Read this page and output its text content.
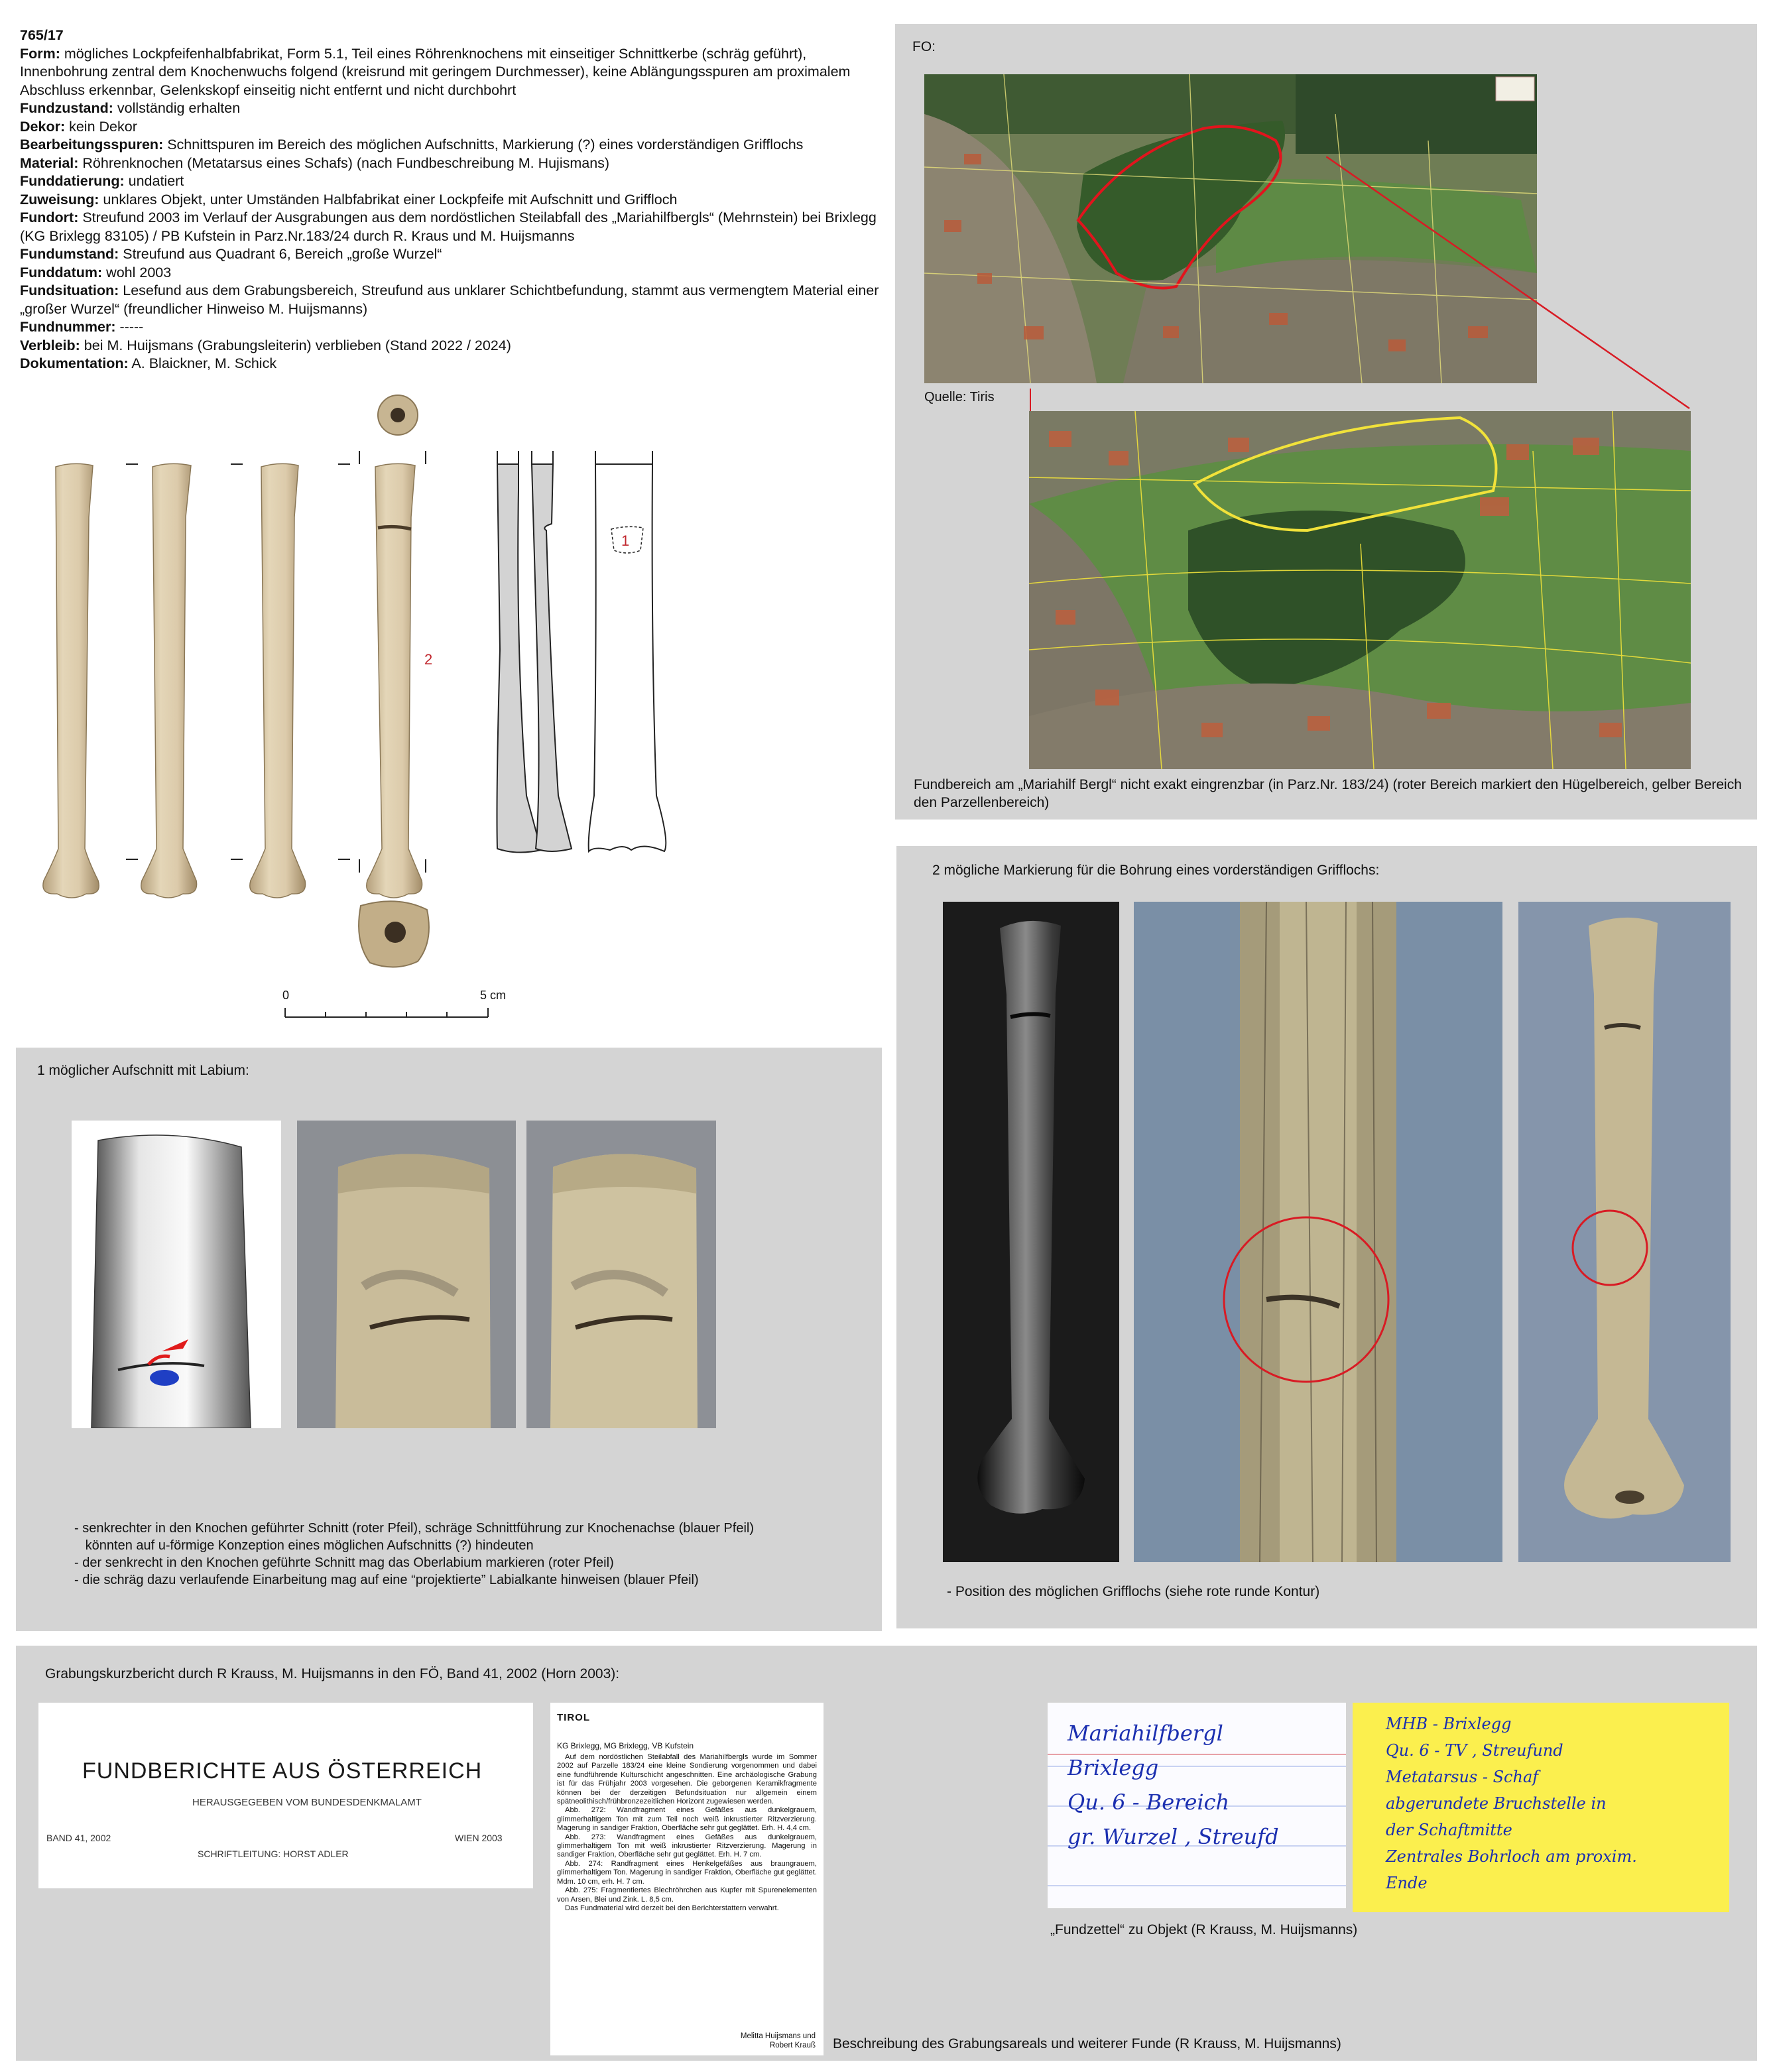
765/17
Form: mögliches Lockpfeifenhalbfabrikat, Form 5.1, Teil eines Röhrenknochens mit einseitiger Schnittkerbe (schräg geführt), Innenbohrung zentral dem Knochenwuchs folgend (kreisrund mit geringem Durchmesser), keine Ablängungsspuren am proximalem Abschluss erkennbar, Gelenkskopf einseitig nicht entfernt und nicht durchbohrt
Fundzustand: vollständig erhalten
Dekor: kein Dekor
Bearbeitungsspuren: Schnittspuren im Bereich des möglichen Aufschnitts, Markierung (?) eines vorderständigen Grifflochs
Material: Röhrenknochen (Metatarsus eines Schafs) (nach Fundbeschreibung M. Hujismans)
Funddatierung: undatiert
Zuweisung: unklares Objekt, unter Umständen Halbfabrikat einer Lockpfeife mit Aufschnitt und Griffloch
Fundort: Streufund 2003 im Verlauf der Ausgrabungen aus dem nordöstlichen Steilabfall des „Mariahilfbergls“ (Mehrnstein) bei Brixlegg (KG Brixlegg 83105) / PB Kufstein in Parz.Nr.183/24 durch R. Kraus und M. Huijsmanns
Fundumstand: Streufund aus Quadrant 6, Bereich „große Wurzel“
Funddatum: wohl 2003
Fundsituation: Lesefund aus dem Grabungsbereich, Streufund aus unklarer Schichtbefundung, stammt aus vermengtem Material einer „großer Wurzel“ (freundlicher Hinweiso M. Huijsmanns)
Fundnummer: -----
Verbleib: bei M. Huijsmans (Grabungsleiterin) verblieben (Stand 2022 / 2024)
Dokumentation: A. Blaickner, M. Schick
2
1
0	5 cm
FO:
Quelle: Tiris
Fundbereich am „Mariahilf Bergl“ nicht exakt eingrenzbar (in Parz.Nr. 183/24) (roter Bereich markiert den Hügelbereich, gelber Bereich den Parzellenbereich)
1 möglicher Aufschnitt mit Labium:
- senkrechter in den Knochen geführter Schnitt (roter Pfeil), schräge Schnittführung zur Knochenachse (blauer Pfeil)
könnten auf u-förmige Konzeption eines möglichen Aufschnitts (?) hindeuten
- der senkrecht in den Knochen geführte Schnitt mag das Oberlabium markieren (roter Pfeil)
- die schräg dazu verlaufende Einarbeitung mag auf eine “projektierte” Labialkante hinweisen (blauer Pfeil)
2 mögliche Markierung für die Bohrung eines vorderständigen Grifflochs:
- Position des möglichen Grifflochs (siehe rote runde Kontur)
Grabungskurzbericht durch R Krauss, M. Huijsmanns in den FÖ, Band 41, 2002 (Horn 2003):
FUNDBERICHTE AUS ÖSTERREICH
HERAUSGEGEBEN VOM BUNDESDENKMALAMT
BAND 41, 2002	WIEN 2003
SCHRIFTLEITUNG: HORST ADLER
TIROL
KG Brixlegg, MG Brixlegg, VB Kufstein
Auf dem nordöstlichen Steilabfall des Mariahilfbergls wurde im Sommer 2002 auf Parzelle 183/24 eine kleine Sondierung vorgenommen und dabei eine fundführende Kulturschicht angeschnitten. Eine archäologische Grabung ist für das Frühjahr 2003 vorgesehen. Die geborgenen Keramikfragmente können bei der derzeitigen Befundsituation nur allgemein einem spätneolithisch/frühbronzezeitlichen Horizont zugewiesen werden.
Abb. 272: Wandfragment eines Gefäßes aus dunkelgrauem, glimmerhaltigem Ton mit zum Teil noch weiß inkrustierter Ritzverzierung. Magerung in sandiger Fraktion, Oberfläche sehr gut geglättet. Erh. H. 4,4 cm.
Abb. 273: Wandfragment eines Gefäßes aus dunkelgrauem, glimmerhaltigem Ton mit weiß inkrustierter Ritzverzierung. Magerung in sandiger Fraktion, Oberfläche sehr gut geglättet. Erh. H. 7 cm.
Abb. 274: Randfragment eines Henkelgefäßes aus braungrauem, glimmerhaltigem Ton. Magerung in sandiger Fraktion, Oberfläche gut geglättet. Mdm. 10 cm, erh. H. 7 cm.
Abb. 275: Fragmentiertes Blechröhrchen aus Kupfer mit Spurenelementen von Arsen, Blei und Zink. L. 8,5 cm.
Das Fundmaterial wird derzeit bei den Berichterstattern verwahrt.
Melitta Huijsmans und
Robert Krauß Beschreibung des Grabungsareals und weiterer Funde (R Krauss, M. Huijsmanns)
Mariahilfbergl
Brixlegg
Qu. 6 - Bereich
gr. Wurzel , Streufd
MHB - Brixlegg
Qu. 6 - TV , Streufund
Metatarsus - Schaf
abgerundete Bruchstelle in
der Schaftmitte
Zentrales Bohrloch am proxim.
Ende
„Fundzettel“ zu Objekt (R Krauss, M. Huijsmanns)
